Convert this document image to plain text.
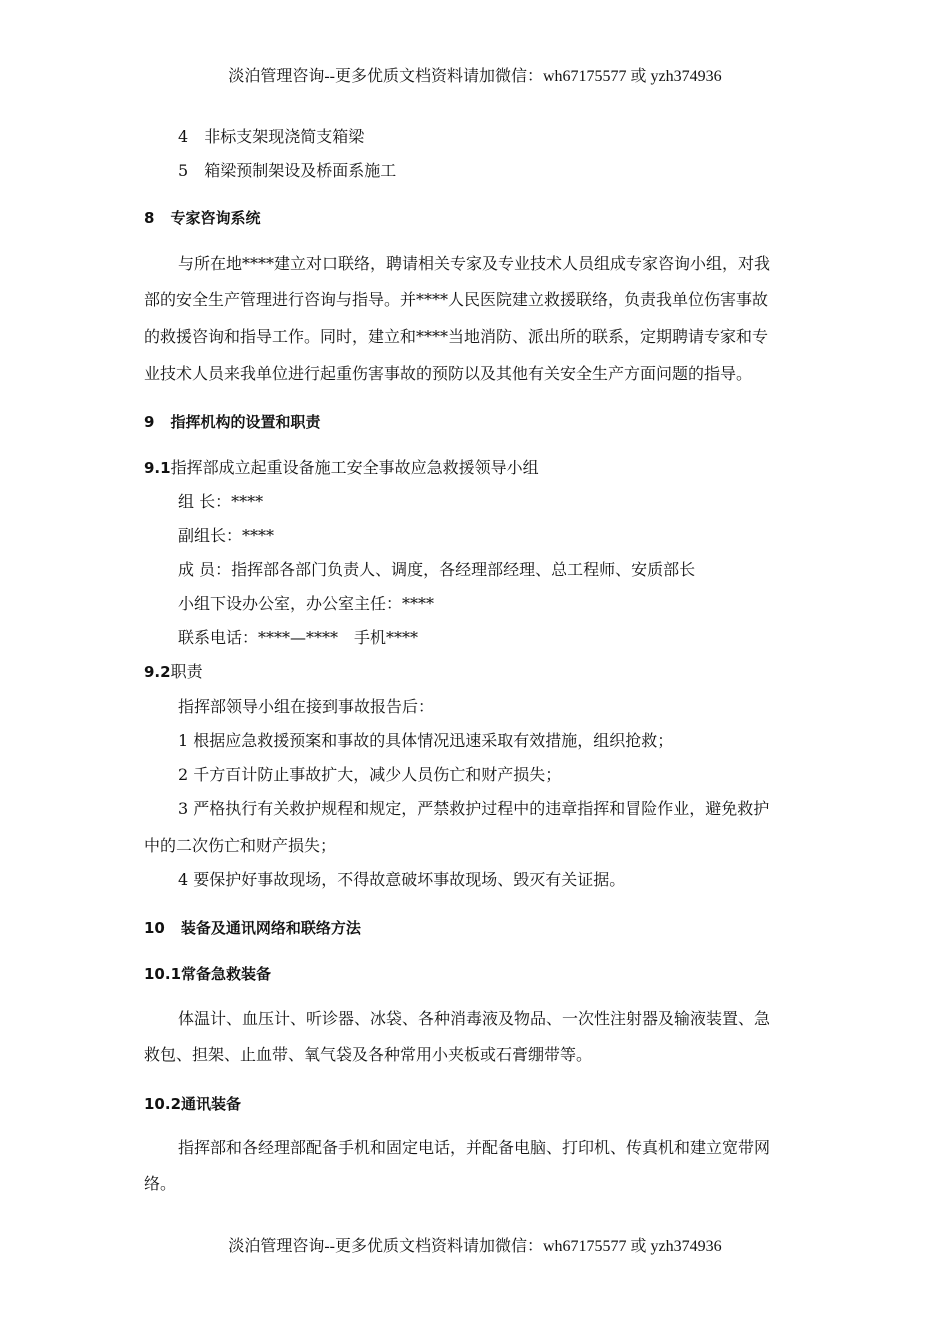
淡泊管理咨询--更多优质文档资料请加微信：wh67175577 或 yzh374936
4 非标支架现浇简支箱梁
5 箱梁预制架设及桥面系施工
8 专家咨询系统
与所在地****建立对口联络，聘请相关专家及专业技术人员组成专家咨询小组，对我
部的安全生产管理进行咨询与指导。并****人民医院建立救援联络，负责我单位伤害事故
的救援咨询和指导工作。同时，建立和****当地消防、派出所的联系，定期聘请专家和专
业技术人员来我单位进行起重伤害事故的预防以及其他有关安全生产方面问题的指导。
9 指挥机构的设置和职责
9.1指挥部成立起重设备施工安全事故应急救援领导小组
组 长：****
副组长：****
成 员：指挥部各部门负责人、调度，各经理部经理、总工程师、安质部长
小组下设办公室，办公室主任：****
联系电话：****—**** 手机****
9.2职责
指挥部领导小组在接到事故报告后：
1 根据应急救援预案和事故的具体情况迅速采取有效措施，组织抢救；
2 千方百计防止事故扩大，减少人员伤亡和财产损失；
3 严格执行有关救护规程和规定，严禁救护过程中的违章指挥和冒险作业，避免救护
中的二次伤亡和财产损失；
4 要保护好事故现场，不得故意破坏事故现场、毁灭有关证据。
10 装备及通讯网络和联络方法
10.1常备急救装备
体温计、血压计、听诊器、冰袋、各种消毒液及物品、一次性注射器及输液装置、急
救包、担架、止血带、氧气袋及各种常用小夹板或石膏绷带等。
10.2通讯装备
指挥部和各经理部配备手机和固定电话，并配备电脑、打印机、传真机和建立宽带网
络。
淡泊管理咨询--更多优质文档资料请加微信：wh67175577 或 yzh374936
